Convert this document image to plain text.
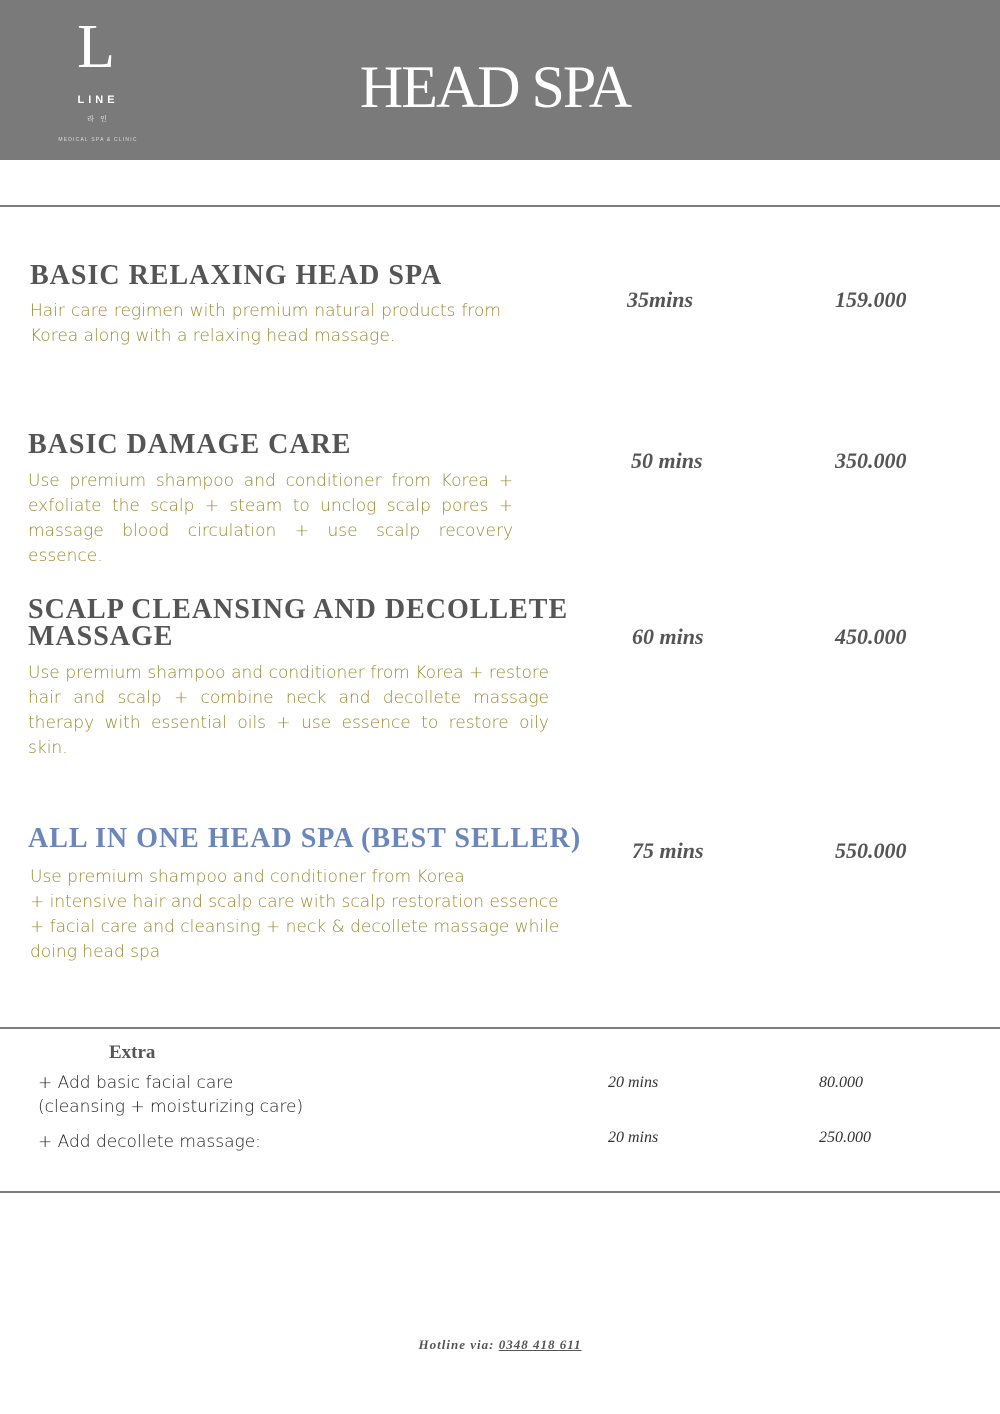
L
LINE
라 인
MEDICAL SPA & CLINIC
HEAD SPA
BASIC RELAXING HEAD SPA

Hair care regimen with premium natural products from Korea along with a relaxing head massage.

35mins	159.000
BASIC DAMAGE CARE

Use premium shampoo and conditioner from Korea + exfoliate the scalp + steam to unclog scalp pores + massage blood circulation + use scalp recovery essence.

50 mins	350.000
SCALP CLEANSING AND DECOLLETE MASSAGE

Use premium shampoo and conditioner from Korea + restore hair and scalp + combine neck and decollete massage therapy with essential oils + use essence to restore oily skin.

60 mins	450.000
ALL IN ONE HEAD SPA (BEST SELLER)
Use premium shampoo and conditioner from Korea
+ intensive hair and scalp care with scalp restoration essence
+ facial care and cleansing + neck & decollete massage while
doing head spa
75 mins	550.000
Extra
+ Add basic facial care
(cleansing + moisturizing care)
20 mins	80.000
+ Add decollete massage:	20 mins	250.000
Hotline via: 0348 418 611
